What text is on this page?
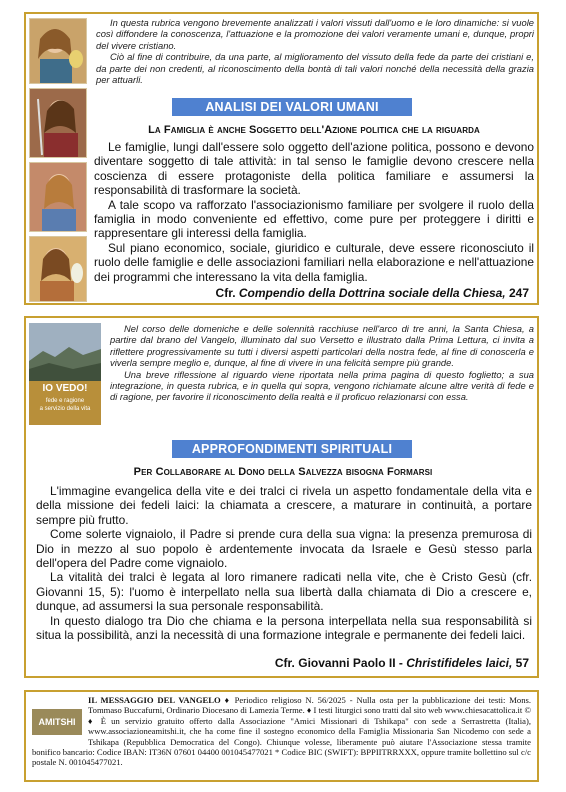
In questa rubrica vengono brevemente analizzati i valori vissuti dall'uomo e le loro dinamiche: si vuole così diffondere la conoscenza, l'attuazione e la promozione dei valori veramente umani e, dunque, propri del vivere cristiano.

Ciò al fine di contribuire, da una parte, al miglioramento del vissuto della fede da parte dei cristiani e, da parte dei non credenti, al riconoscimento della bontà di tali valori nonché della necessità della grazia per attuarli.

ANALISI DEI VALORI UMANI
La Famiglia è anche Soggetto dell'Azione politica che la riguarda

Le famiglie, lungi dall'essere solo oggetto dell'azione politica, possono e devono diventare soggetto di tale attività: in tal senso le famiglie devono crescere nella coscienza di essere protagoniste della politica familiare e assumersi la responsabilità di trasformare la società.

A tale scopo va rafforzato l'associazionismo familiare per svolgere il ruolo della famiglia in modo conveniente ed effettivo, come pure per proteggere i diritti e rappresentare gli interessi della famiglia.

Sul piano economico, sociale, giuridico e culturale, deve essere riconosciuto il ruolo delle famiglie e delle associazioni familiari nella elaborazione e nell'attuazione dei programmi che interessano la vita della famiglia.

Cfr. Compendio della Dottrina sociale della Chiesa, 247
IO VEDO!
fede e ragione
a servizio della vita

Nel corso delle domeniche e delle solennità racchiuse nell'arco di tre anni, la Santa Chiesa, a partire dal brano del Vangelo, illuminato dal suo Versetto e illustrato dalla Prima Lettura, ci invita a riflettere progressivamente su tutti i diversi aspetti particolari della nostra fede, al fine di conoscerla e viverla sempre meglio e, dunque, al fine di vivere in una felicità sempre più grande.

Una breve riflessione al riguardo viene riportata nella prima pagina di questo foglietto; a sua integrazione, in questa rubrica, e in quella qui sopra, vengono richiamate alcune altre verità di fede e di ragione, per favorire il riconoscimento della realtà e il proficuo relazionarsi con essa.

APPROFONDIMENTI SPIRITUALI
Per Collaborare al Dono della Salvezza bisogna Formarsi

L'immagine evangelica della vite e dei tralci ci rivela un aspetto fondamentale della vita e della missione dei fedeli laici: la chiamata a crescere, a maturare in continuità, a portare sempre più frutto.

Come solerte vignaiolo, il Padre si prende cura della sua vigna: la presenza premurosa di Dio in mezzo al suo popolo è ardentemente invocata da Israele e Gesù stesso parla dell'opera del Padre come vignaiolo.

La vitalità dei tralci è legata al loro rimanere radicati nella vite, che è Cristo Gesù (cfr. Giovanni 15, 5): l'uomo è interpellato nella sua libertà dalla chiamata di Dio a crescere e, dunque, ad assumersi la sua personale responsabilità.

In questo dialogo tra Dio che chiama e la persona interpellata nella sua responsabilità si situa la possibilità, anzi la necessità di una formazione integrale e permanente dei fedeli laici.

Cfr. Giovanni Paolo II - Christifideles laici, 57
AMITSHI
IL MESSAGGIO DEL VANGELO ♦ Periodico religioso N. 56/2025 - Nulla osta per la pubblicazione dei testi: Mons. Tommaso Buccafurni, Ordinario Diocesano di Lamezia Terme. ♦ I testi liturgici sono tratti dal sito web www.chiesacattolica.it © ♦ È un servizio gratuito offerto dalla Associazione "Amici Missionari di Tshikapa" con sede a Serrastretta (Italia), www.associazioneamitshi.it, che ha come fine il sostegno economico della Famiglia Missionaria San Nicodemo con sede a Tshikapa (Repubblica Democratica del Congo). Chiunque volesse, liberamente può aiutare l'Associazione stessa tramite bonifico bancario: Codice IBAN: IT36N 07601 04400 001045477021 * Codice BIC (SWIFT): BPPIITRRXXX, oppure tramite bollettino sul c/c postale N. 001045477021.
